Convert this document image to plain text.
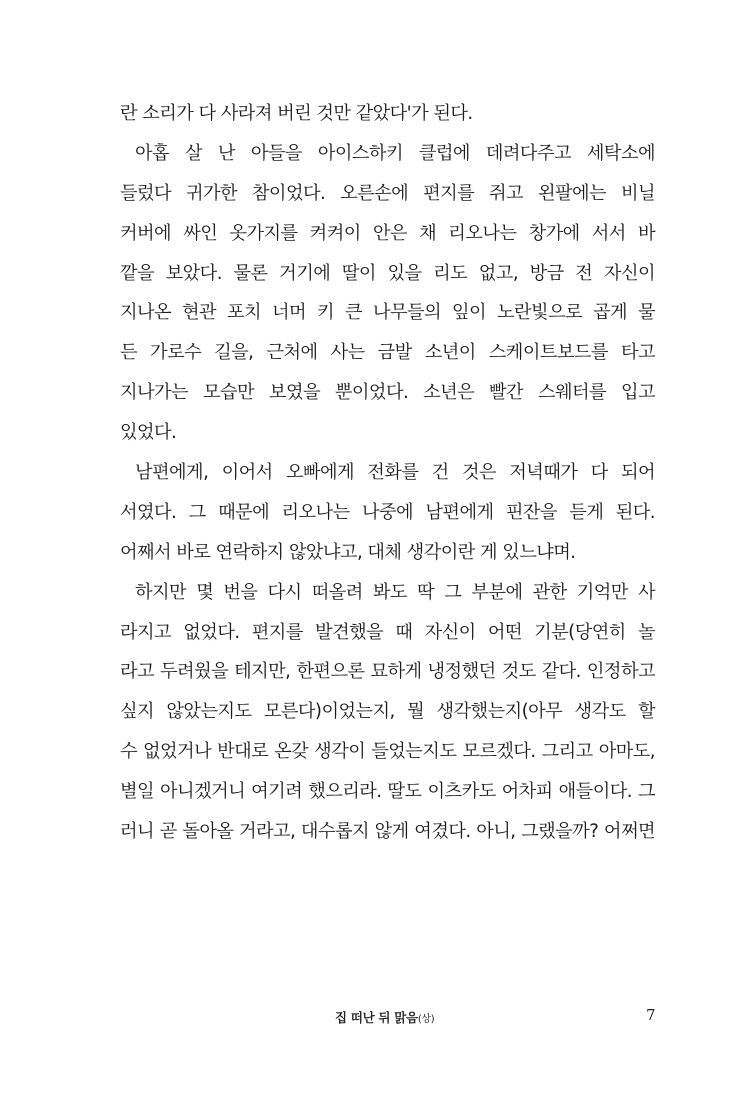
란 소리가 다 사라져 버린 것만 같았다'가 된다.
아홉 살 난 아들을 아이스하키 클럽에 데려다주고 세탁소에
들렀다 귀가한 참이었다. 오른손에 편지를 쥐고 왼팔에는 비닐
커버에 싸인 옷가지를 켜켜이 안은 채 리오나는 창가에 서서 바
깥을 보았다. 물론 거기에 딸이 있을 리도 없고, 방금 전 자신이
지나온 현관 포치 너머 키 큰 나무들의 잎이 노란빛으로 곱게 물
든 가로수 길을, 근처에 사는 금발 소년이 스케이트보드를 타고
지나가는 모습만 보였을 뿐이었다. 소년은 빨간 스웨터를 입고
있었다.
남편에게, 이어서 오빠에게 전화를 건 것은 저녁때가 다 되어
서였다. 그 때문에 리오나는 나중에 남편에게 핀잔을 듣게 된다.
어째서 바로 연락하지 않았냐고, 대체 생각이란 게 있느냐며.
하지만 몇 번을 다시 떠올려 봐도 딱 그 부분에 관한 기억만 사
라지고 없었다. 편지를 발견했을 때 자신이 어떤 기분(당연히 놀
라고 두려웠을 테지만, 한편으론 묘하게 냉정했던 것도 같다. 인정하고
싶지 않았는지도 모른다)이었는지, 뭘 생각했는지(아무 생각도 할
수 없었거나 반대로 온갖 생각이 들었는지도 모르겠다. 그리고 아마도,
별일 아니겠거니 여기려 했으리라. 딸도 이츠카도 어차피 애들이다. 그
러니 곧 돌아올 거라고, 대수롭지 않게 여겼다. 아니, 그랬을까? 어쩌면
집 떠난 뒤 맑음(상)	7
